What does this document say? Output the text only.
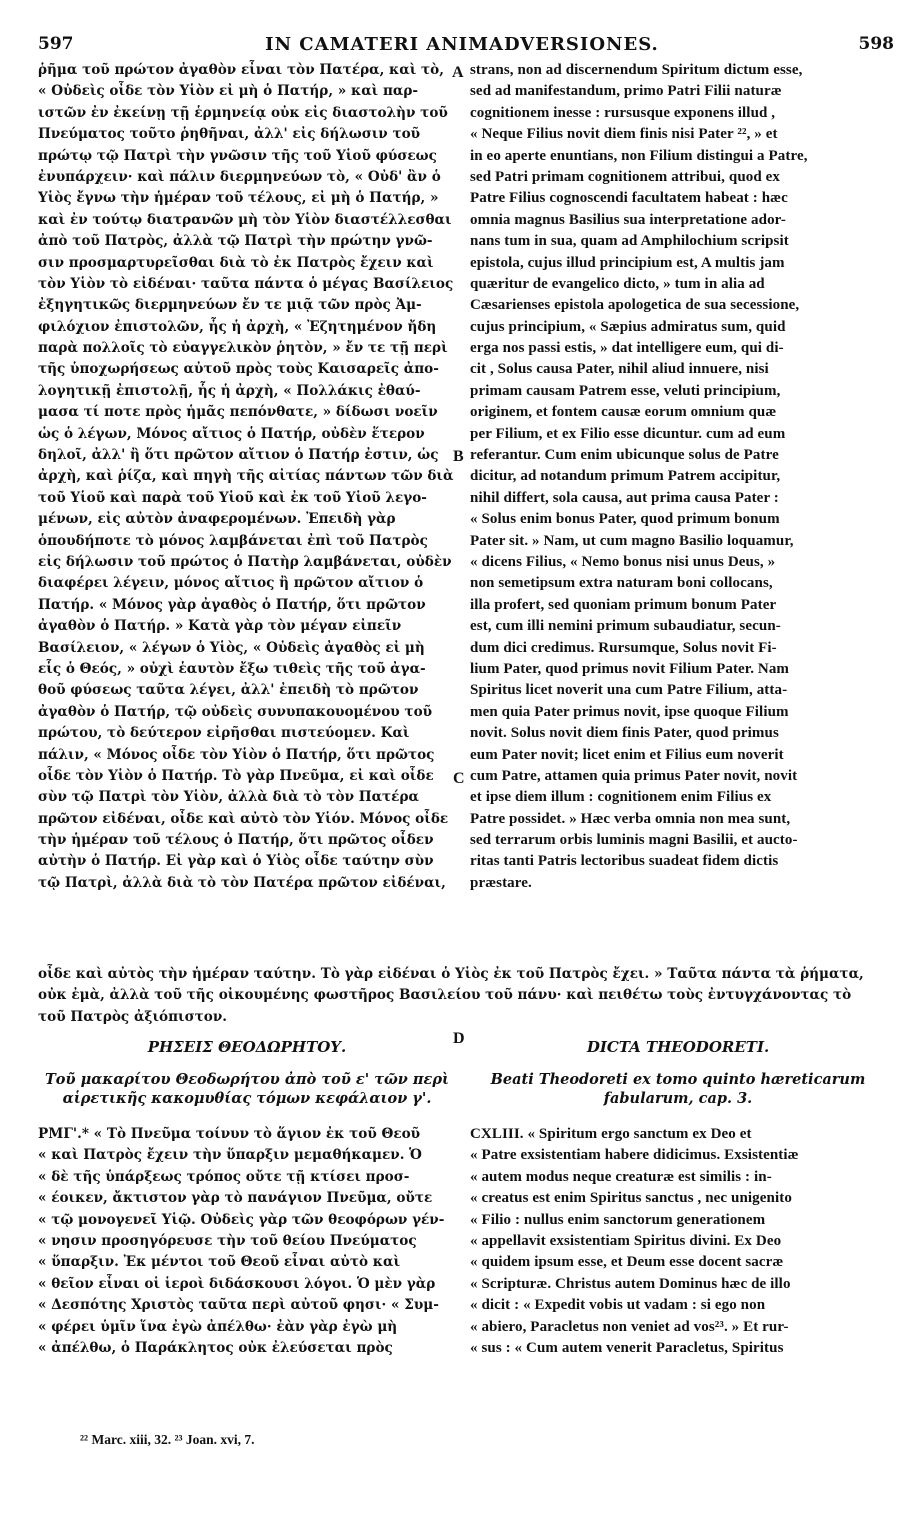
597	IN CAMATERI ANIMADVERSIONES.	598
ῥῆμα τοῦ πρώτον ἀγαθὸν εἶναι τὸν Πατέρα, καὶ τὸ,
« Οὐδεὶς οἶδε τὸν Υἱὸν εἰ μὴ ὁ Πατήρ, » καὶ παρ-
ιστῶν ἐν ἐκείνῃ τῇ ἑρμηνείᾳ οὐκ εἰς διαστολὴν τοῦ
Πνεύματος τοῦτο ῥηθῆναι, ἀλλ' εἰς δήλωσιν τοῦ
πρώτῳ τῷ Πατρὶ τὴν γνῶσιν τῆς τοῦ Υἱοῦ φύσεως
ἐνυπάρχειν· καὶ πάλιν διερμηνεύων τὸ, « Οὐδ' ἂν ὁ
Υἱὸς ἔγνω τὴν ἡμέραν τοῦ τέλους, εἰ μὴ ὁ Πατήρ, »
καὶ ἐν τούτῳ διατρανῶν μὴ τὸν Υἱὸν διαστέλλεσθαι
ἀπὸ τοῦ Πατρὸς, ἀλλὰ τῷ Πατρὶ τὴν πρώτην γνῶ-
σιν προσμαρτυρεῖσθαι διὰ τὸ ἐκ Πατρὸς ἔχειν καὶ
τὸν Υἱὸν τὸ εἰδέναι· ταῦτα πάντα ὁ μέγας Βασίλειος
ἐξηγητικῶς διερμηνεύων ἔν τε μιᾷ τῶν πρὸς Ἀμ-
φιλόχιον ἐπιστολῶν, ἧς ἡ ἀρχὴ, « Ἐζητημένον ἤδη
παρὰ πολλοῖς τὸ εὐαγγελικὸν ῥητὸν, » ἔν τε τῇ περὶ
τῆς ὑποχωρήσεως αὐτοῦ πρὸς τοὺς Καισαρεῖς ἀπο-
λογητικῇ ἐπιστολῇ, ἧς ἡ ἀρχὴ, « Πολλάκις ἐθαύ-
μασα τί ποτε πρὸς ἡμᾶς πεπόνθατε, » δίδωσι νοεῖν
ὡς ὁ λέγων, Μόνος αἴτιος ὁ Πατήρ, οὐδὲν ἕτερον
δηλοῖ, ἀλλ' ἢ ὅτι πρῶτον αἴτιον ὁ Πατήρ ἐστιν, ὡς
ἀρχὴ, καὶ ῥίζα, καὶ πηγὴ τῆς αἰτίας πάντων τῶν διὰ
τοῦ Υἱοῦ καὶ παρὰ τοῦ Υἱοῦ καὶ ἐκ τοῦ Υἱοῦ λεγο-
μένων, εἰς αὐτὸν ἀναφερομένων. Ἐπειδὴ γὰρ
ὁπουδήποτε τὸ μόνος λαμβάνεται ἐπὶ τοῦ Πατρὸς
εἰς δήλωσιν τοῦ πρώτος ὁ Πατὴρ λαμβάνεται, οὐδὲν
διαφέρει λέγειν, μόνος αἴτιος ἢ πρῶτον αἴτιον ὁ
Πατήρ. « Μόνος γὰρ ἀγαθὸς ὁ Πατήρ, ὅτι πρῶτον
ἀγαθὸν ὁ Πατήρ. » Κατὰ γὰρ τὸν μέγαν εἰπεῖν
Βασίλειον, « λέγων ὁ Υἱὸς, « Οὐδεὶς ἀγαθὸς εἰ μὴ
εἷς ὁ Θεός, » οὐχὶ ἑαυτὸν ἔξω τιθεὶς τῆς τοῦ ἀγα-
θοῦ φύσεως ταῦτα λέγει, ἀλλ' ἐπειδὴ τὸ πρῶτον
ἀγαθὸν ὁ Πατήρ, τῷ οὐδεὶς συνυπακουομένου τοῦ
πρώτου, τὸ δεύτερον εἰρῆσθαι πιστεύομεν. Καὶ
πάλιν, « Μόνος οἶδε τὸν Υἱὸν ὁ Πατήρ, ὅτι πρῶτος
οἶδε τὸν Υἱὸν ὁ Πατήρ. Τὸ γὰρ Πνεῦμα, εἰ καὶ οἶδε
σὺν τῷ Πατρὶ τὸν Υἱὸν, ἀλλὰ διὰ τὸ τὸν Πατέρα
πρῶτον εἰδέναι, οἶδε καὶ αὐτὸ τὸν Υἱόν. Μόνος οἶδε
τὴν ἡμέραν τοῦ τέλους ὁ Πατήρ, ὅτι πρῶτος οἶδεν
αὐτὴν ὁ Πατήρ. Εἰ γὰρ καὶ ὁ Υἱὸς οἶδε ταύτην σὺν
τῷ Πατρὶ, ἀλλὰ διὰ τὸ τὸν Πατέρα πρῶτον εἰδέναι,
strans, non ad discernendum Spiritum dictum esse,
sed ad manifestandum, primo Patri Filii naturæ
cognitionem inesse : rursusque exponens illud ,
« Neque Filius novit diem finis nisi Pater ²², » et
in eo aperte enuntians, non Filium distingui a Patre,
sed Patri primam cognitionem attribui, quod ex
Patre Filius cognoscendi facultatem habeat : hæc
omnia magnus Basilius sua interpretatione ador-
nans tum in sua, quam ad Amphilochium scripsit
epistola, cujus illud principium est, A multis jam
quæritur de evangelico dicto, » tum in alia ad
Cæsarienses epistola apologetica de sua secessione,
cujus principium, « Sæpius admiratus sum, quid
erga nos passi estis, » dat intelligere eum, qui di-
cit , Solus causa Pater, nihil aliud innuere, nisi
primam causam Patrem esse, veluti principium,
originem, et fontem causæ eorum omnium quæ
per Filium, et ex Filio esse dicuntur. cum ad eum
referantur. Cum enim ubicunque solus de Patre
dicitur, ad notandum primum Patrem accipitur,
nihil differt, sola causa, aut prima causa Pater :
« Solus enim bonus Pater, quod primum bonum
Pater sit. » Nam, ut cum magno Basilio loquamur,
« dicens Filius, « Nemo bonus nisi unus Deus, »
non semetipsum extra naturam boni collocans,
illa profert, sed quoniam primum bonum Pater
est, cum illi nemini primum subaudiatur, secun-
dum dici credimus. Rursumque, Solus novit Fi-
lium Pater, quod primus novit Filium Pater. Nam
Spiritus licet noverit una cum Patre Filium, atta-
men quia Pater primus novit, ipse quoque Filium
novit. Solus novit diem finis Pater, quod primus
eum Pater novit; licet enim et Filius eum noverit
cum Patre, attamen quia primus Pater novit, novit
et ipse diem illum : cognitionem enim Filius ex
Patre possidet. » Hæc verba omnia non mea sunt,
sed terrarum orbis luminis magni Basilii, et aucto-
ritas tanti Patris lectoribus suadeat fidem dictis
præstare.
A
B
C
D
οἶδε καὶ αὐτὸς τὴν ἡμέραν ταύτην. Τὸ γὰρ εἰδέναι ὁ Υἱὸς ἐκ τοῦ Πατρὸς ἔχει. » Ταῦτα πάντα τὰ ῥήματα,
οὐκ ἐμὰ, ἀλλὰ τοῦ τῆς οἰκουμένης φωστῆρος Βασιλείου τοῦ πάνυ· καὶ πειθέτω τοὺς ἐντυγχάνοντας τὸ
τοῦ Πατρὸς ἀξιόπιστον.
ΡΗΣΕΙΣ ΘΕΟΔΩΡΗΤΟΥ.	DICTA THEODORETI.
Τοῦ μακαρίτου Θεοδωρήτου ἀπὸ τοῦ ε' τῶν περὶ
αἱρετικῆς κακομυθίας τόμων κεφάλαιον γ'.
Beati Theodoreti ex tomo quinto hæreticarum
fabularum, cap. 3.
ΡΜΓ'.* « Τὸ Πνεῦμα τοίνυν τὸ ἅγιον ἐκ τοῦ Θεοῦ
« καὶ Πατρὸς ἔχειν τὴν ὕπαρξιν μεμαθήκαμεν. Ὁ
« δὲ τῆς ὑπάρξεως τρόπος οὔτε τῇ κτίσει προσ-
« έοικεν, ἄκτιστον γὰρ τὸ πανάγιον Πνεῦμα, οὔτε
« τῷ μονογενεῖ Υἱῷ. Οὐδεὶς γὰρ τῶν θεοφόρων γέν-
« νησιν προσηγόρευσε τὴν τοῦ θείου Πνεύματος
« ὕπαρξιν. Ἐκ μέντοι τοῦ Θεοῦ εἶναι αὐτὸ καὶ
« θεῖον εἶναι οἱ ἱεροὶ διδάσκουσι λόγοι. Ὁ μὲν γὰρ
« Δεσπότης Χριστὸς ταῦτα περὶ αὐτοῦ φησι· « Συμ-
« φέρει ὑμῖν ἵνα ἐγὼ ἀπέλθω· ἐὰν γὰρ ἐγὼ μὴ
« ἀπέλθω, ὁ Παράκλητος οὐκ ἐλεύσεται πρὸς
CXLIII. « Spiritum ergo sanctum ex Deo et
« Patre exsistentiam habere didicimus. Exsistentiæ
« autem modus neque creaturæ est similis : in-
« creatus est enim Spiritus sanctus , nec unigenito
« Filio : nullus enim sanctorum generationem
« appellavit exsistentiam Spiritus divini. Ex Deo
« quidem ipsum esse, et Deum esse docent sacræ
« Scripturæ. Christus autem Dominus hæc de illo
« dicit : « Expedit vobis ut vadam : si ego non
« abiero, Paracletus non veniet ad vos²³. » Et rur-
« sus : « Cum autem venerit Paracletus, Spiritus
²² Marc. xiii, 32. ²³ Joan. xvi, 7.
